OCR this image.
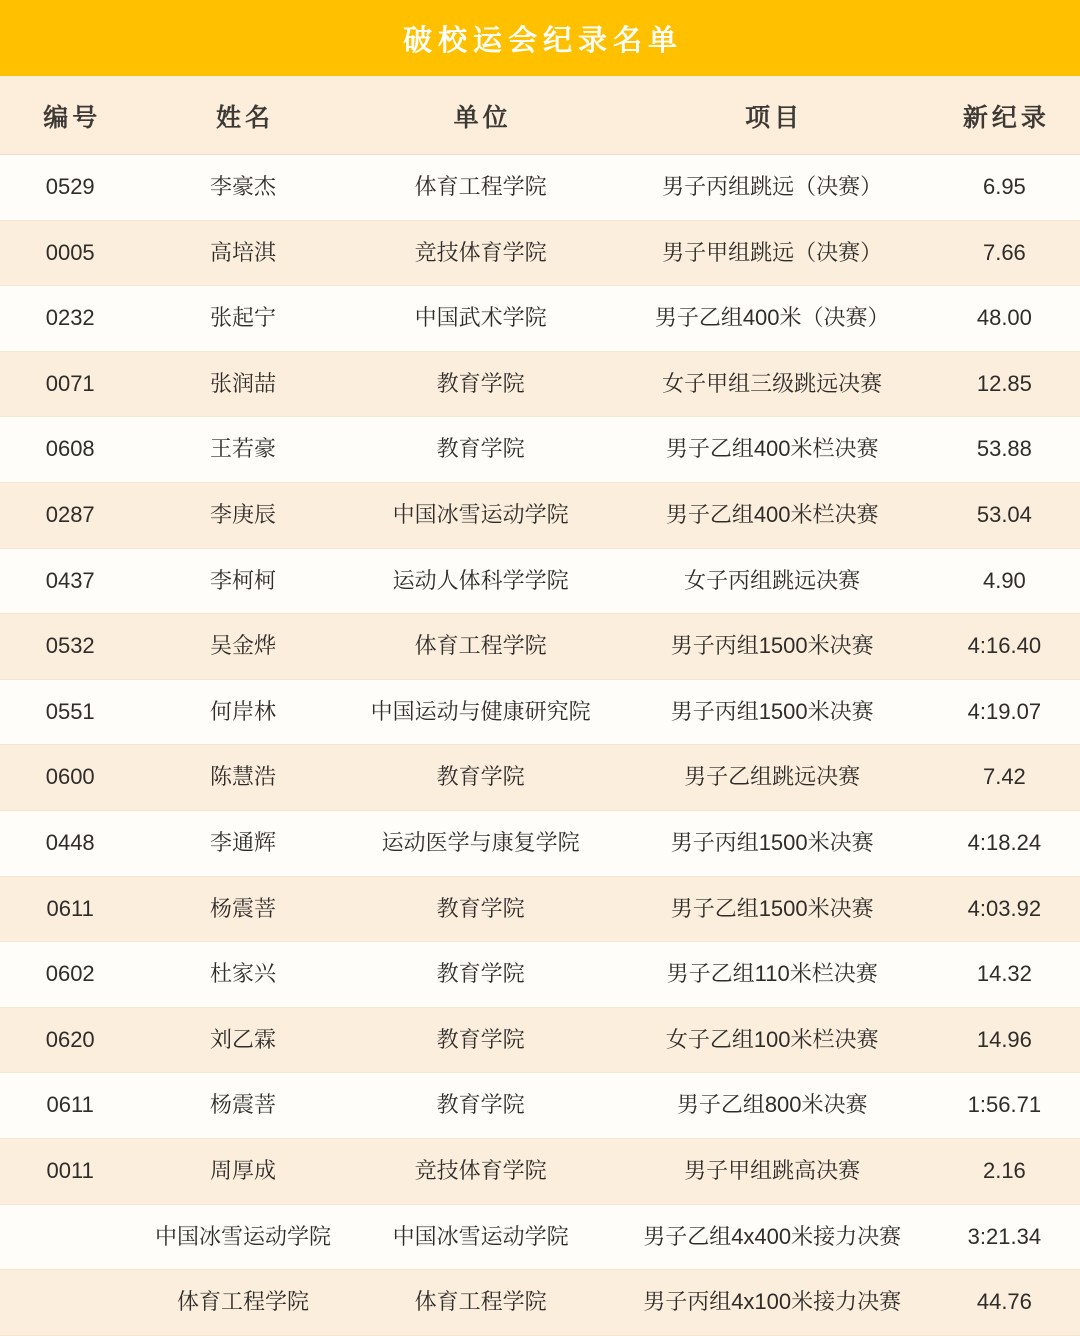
破校运会纪录名单
编号	姓名	单位	项目	新纪录
0529	李豪杰	体育工程学院	男子丙组跳远（决赛）	6.95
0005	高培淇	竞技体育学院	男子甲组跳远（决赛）	7.66
0232	张起宁	中国武术学院	男子乙组400米（决赛）	48.00
0071	张润喆	教育学院	女子甲组三级跳远决赛	12.85
0608	王若豪	教育学院	男子乙组400米栏决赛	53.88
0287	李庚辰	中国冰雪运动学院	男子乙组400米栏决赛	53.04
0437	李柯柯	运动人体科学学院	女子丙组跳远决赛	4.90
0532	吴金烨	体育工程学院	男子丙组1500米决赛	4:16.40
0551	何岸林	中国运动与健康研究院	男子丙组1500米决赛	4:19.07
0600	陈慧浩	教育学院	男子乙组跳远决赛	7.42
0448	李通辉	运动医学与康复学院	男子丙组1500米决赛	4:18.24
0611	杨震菩	教育学院	男子乙组1500米决赛	4:03.92
0602	杜家兴	教育学院	男子乙组110米栏决赛	14.32
0620	刘乙霖	教育学院	女子乙组100米栏决赛	14.96
0611	杨震菩	教育学院	男子乙组800米决赛	1:56.71
0011	周厚成	竞技体育学院	男子甲组跳高决赛	2.16
	中国冰雪运动学院	中国冰雪运动学院	男子乙组4x400米接力决赛	3:21.34
	体育工程学院	体育工程学院	男子丙组4x100米接力决赛	44.76
